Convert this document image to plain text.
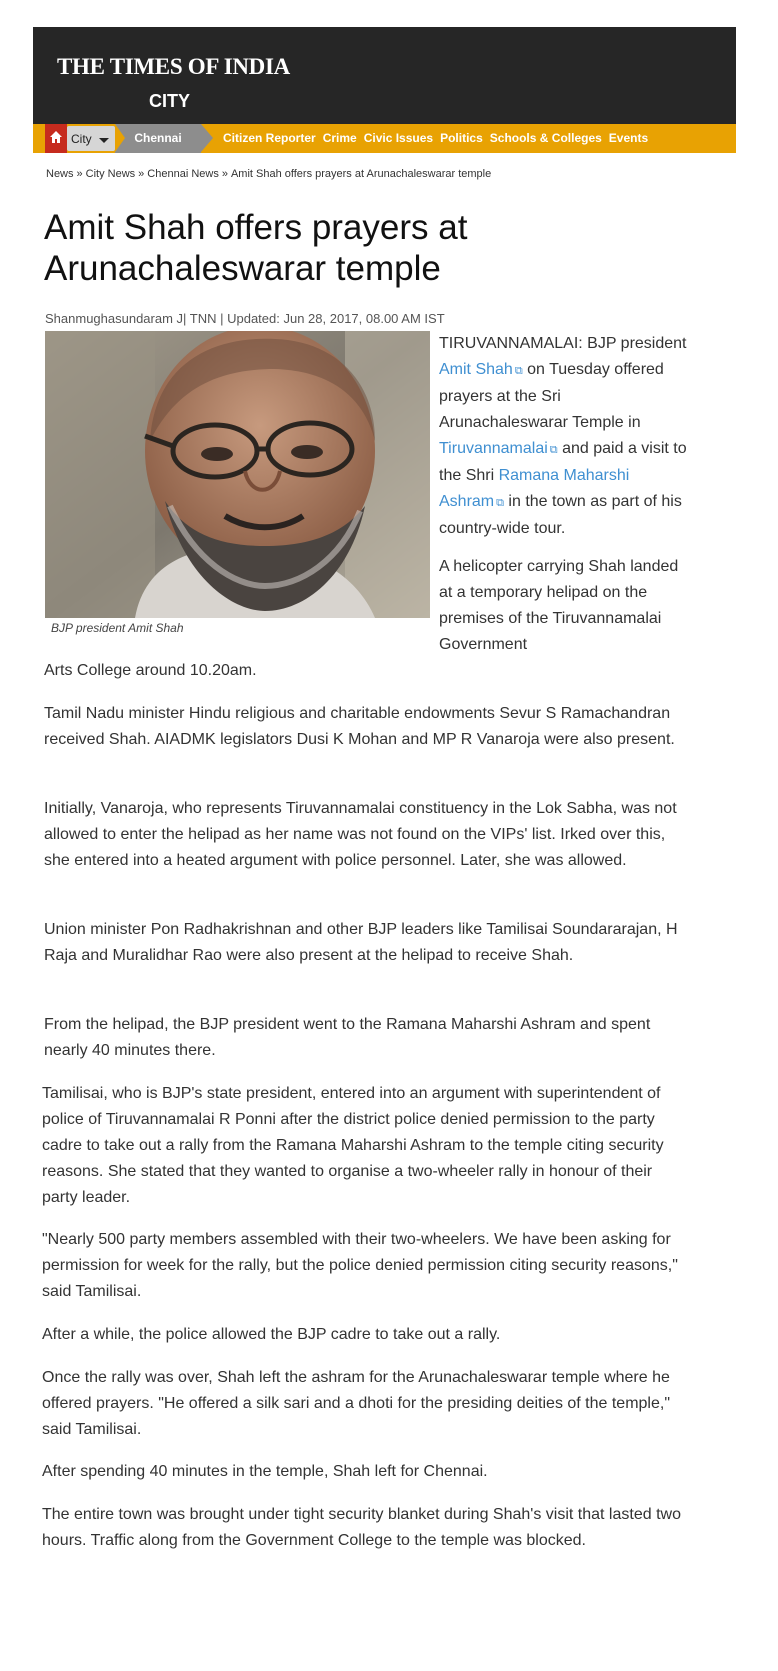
THE TIMES OF INDIA
CITY
City	Chennai	Citizen Reporter Crime Civic Issues Politics Schools & Colleges Events
News » City News » Chennai News » Amit Shah offers prayers at Arunachaleswarar temple
Amit Shah offers prayers at Arunachaleswarar temple
Shanmughasundaram J| TNN | Updated: Jun 28, 2017, 08.00 AM IST
BJP president Amit Shah

TIRUVANNAMALAI: BJP president Amit Shah ⧉ on Tuesday offered prayers at the Sri Arunachaleswarar Temple in Tiruvannamalai ⧉ and paid a visit to the Shri Ramana Maharshi Ashram ⧉ in the town as part of his country-wide tour.

A helicopter carrying Shah landed at a temporary helipad on the premises of the Tiruvannamalai Government

Arts College around 10.20am.

Tamil Nadu minister Hindu religious and charitable endowments Sevur S Ramachandran received Shah. AIADMK legislators Dusi K Mohan and MP R Vanaroja were also present.

Initially, Vanaroja, who represents Tiruvannamalai constituency in the Lok Sabha, was not allowed to enter the helipad as her name was not found on the VIPs' list. Irked over this, she entered into a heated argument with police personnel. Later, she was allowed.

Union minister Pon Radhakrishnan and other BJP leaders like Tamilisai Soundararajan, H Raja and Muralidhar Rao were also present at the helipad to receive Shah.

From the helipad, the BJP president went to the Ramana Maharshi Ashram and spent nearly 40 minutes there.

Tamilisai, who is BJP's state president, entered into an argument with superintendent of police of Tiruvannamalai R Ponni after the district police denied permission to the party cadre to take out a rally from the Ramana Maharshi Ashram to the temple citing security reasons. She stated that they wanted to organise a two-wheeler rally in honour of their party leader.

"Nearly 500 party members assembled with their two-wheelers. We have been asking for permission for week for the rally, but the police denied permission citing security reasons," said Tamilisai.

After a while, the police allowed the BJP cadre to take out a rally.

Once the rally was over, Shah left the ashram for the Arunachaleswarar temple where he offered prayers. "He offered a silk sari and a dhoti for the presiding deities of the temple," said Tamilisai.

After spending 40 minutes in the temple, Shah left for Chennai.

The entire town was brought under tight security blanket during Shah's visit that lasted two hours. Traffic along from the Government College to the temple was blocked.
